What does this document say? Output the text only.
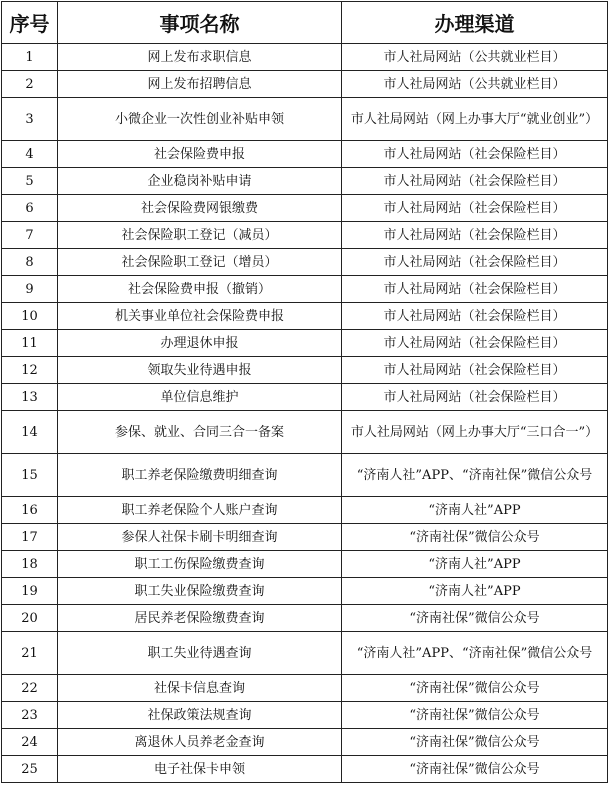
序号	事项名称	办理渠道
1	网上发布求职信息	市人社局网站（公共就业栏目）
2	网上发布招聘信息	市人社局网站（公共就业栏目）
3	小微企业一次性创业补贴申领	市人社局网站（网上办事大厅“就业创业”）
4	社会保险费申报	市人社局网站（社会保险栏目）
5	企业稳岗补贴申请	市人社局网站（社会保险栏目）
6	社会保险费网银缴费	市人社局网站（社会保险栏目）
7	社会保险职工登记（减员）	市人社局网站（社会保险栏目）
8	社会保险职工登记（增员）	市人社局网站（社会保险栏目）
9	社会保险费申报（撤销）	市人社局网站（社会保险栏目）
10	机关事业单位社会保险费申报	市人社局网站（社会保险栏目）
11	办理退休申报	市人社局网站（社会保险栏目）
12	领取失业待遇申报	市人社局网站（社会保险栏目）
13	单位信息维护	市人社局网站（社会保险栏目）
14	参保、就业、合同三合一备案	市人社局网站（网上办事大厅“三口合一”）
15	职工养老保险缴费明细查询	“济南人社”APP、“济南社保”微信公众号
16	职工养老保险个人账户查询	“济南人社”APP
17	参保人社保卡刷卡明细查询	“济南社保”微信公众号
18	职工工伤保险缴费查询	“济南人社”APP
19	职工失业保险缴费查询	“济南人社”APP
20	居民养老保险缴费查询	“济南社保”微信公众号
21	职工失业待遇查询	“济南人社”APP、“济南社保”微信公众号
22	社保卡信息查询	“济南社保”微信公众号
23	社保政策法规查询	“济南社保”微信公众号
24	离退休人员养老金查询	“济南社保”微信公众号
25	电子社保卡申领	“济南社保”微信公众号
